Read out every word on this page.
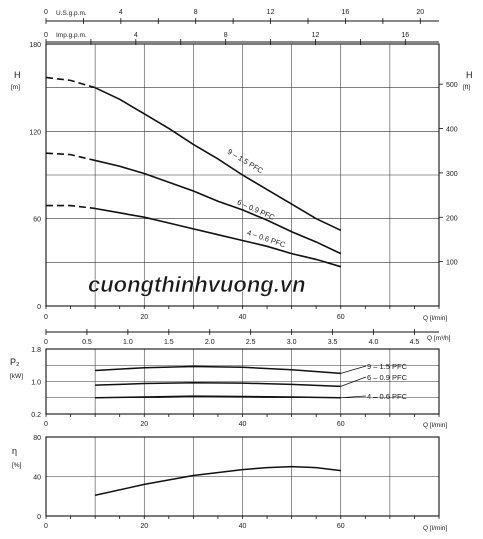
0	4	8	12	16	20
0	4	8	12	16
U.S.g.p.m.
Imp.g.p.m.
0
60
120
180
0	20	40	60
100
200
300
400
500
0	0.5	1.0	1.5	2.0	2.5	3.0	3.5	4.0	4.5
9 – 1.5 PFC
6 – 0.9 PFC
4 – 0.6 PFC
H
[m]
H
[ft]
Q [l/min]
Q [m³/h]
0.2
1.0
1.8
0	20	40	60
9 – 1.5 PFC
6 – 0.9 PFC
4 – 0.6 PFC
P₂
[kW]
Q [l/min]
0
40
80
0	20	40	60
η
[%]
Q [l/min]
cuongthinhvuong.vn
